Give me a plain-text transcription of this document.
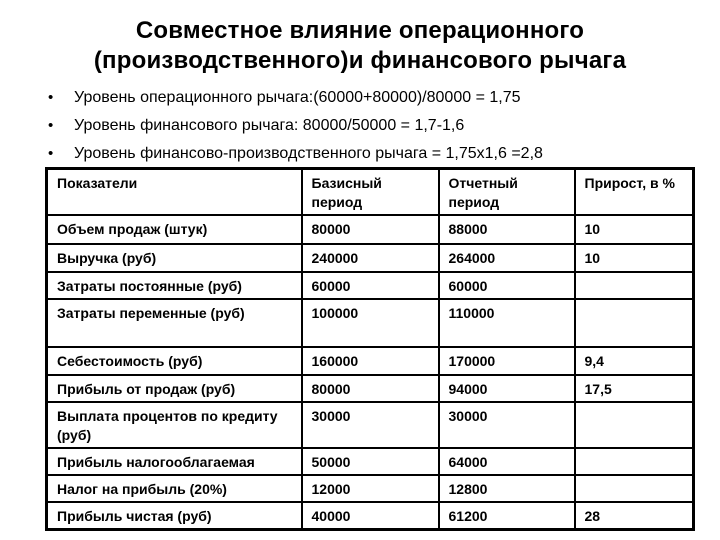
Совместное влияние операционного
(производственного)и финансового рычага
•	Уровень операционного рычага:(60000+80000)/80000 = 1,75
•	Уровень финансового рычага: 80000/50000 = 1,7-1,6
•	Уровень финансово-производственного рычага = 1,75х1,6 =2,8
Показатели	Базисный период	Отчетный период	Прирост, в %
Объем продаж (штук)	80000	88000	10
Выручка (руб)	240000	264000	10
Затраты постоянные (руб)	60000	60000	
Затраты переменные (руб)	100000	110000	
Себестоимость (руб)	160000	170000	9,4
Прибыль от продаж (руб)	80000	94000	17,5
Выплата процентов по кредиту (руб)	30000	30000	
Прибыль налогооблагаемая	50000	64000	
Налог на прибыль (20%)	12000	12800	
Прибыль чистая (руб)	40000	61200	28
